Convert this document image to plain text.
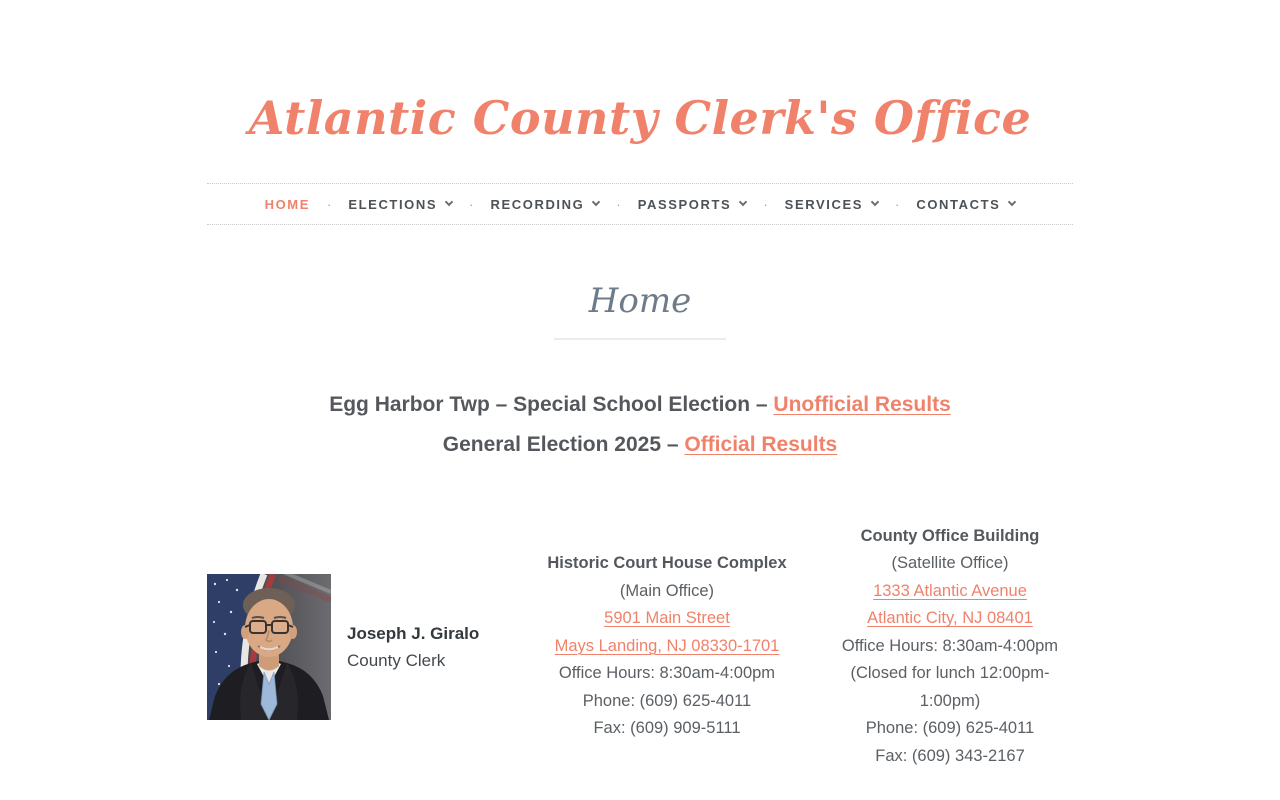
Atlantic County Clerk's Office
HOME · ELECTIONS · RECORDING · PASSPORTS · SERVICES · CONTACTS
Home

Egg Harbor Twp – Special School Election – Unofficial Results

General Election 2025 – Official Results

Joseph J. Giralo
County Clerk
Historic Court House Complex
(Main Office)
5901 Main Street
Mays Landing, NJ 08330-1701
Office Hours: 8:30am-4:00pm
Phone: (609) 625-4011
Fax: (609) 909-5111
County Office Building
(Satellite Office)
1333 Atlantic Avenue
Atlantic City, NJ 08401
Office Hours: 8:30am-4:00pm
(Closed for lunch 12:00pm-1:00pm)
Phone: (609) 625-4011
Fax: (609) 343-2167
